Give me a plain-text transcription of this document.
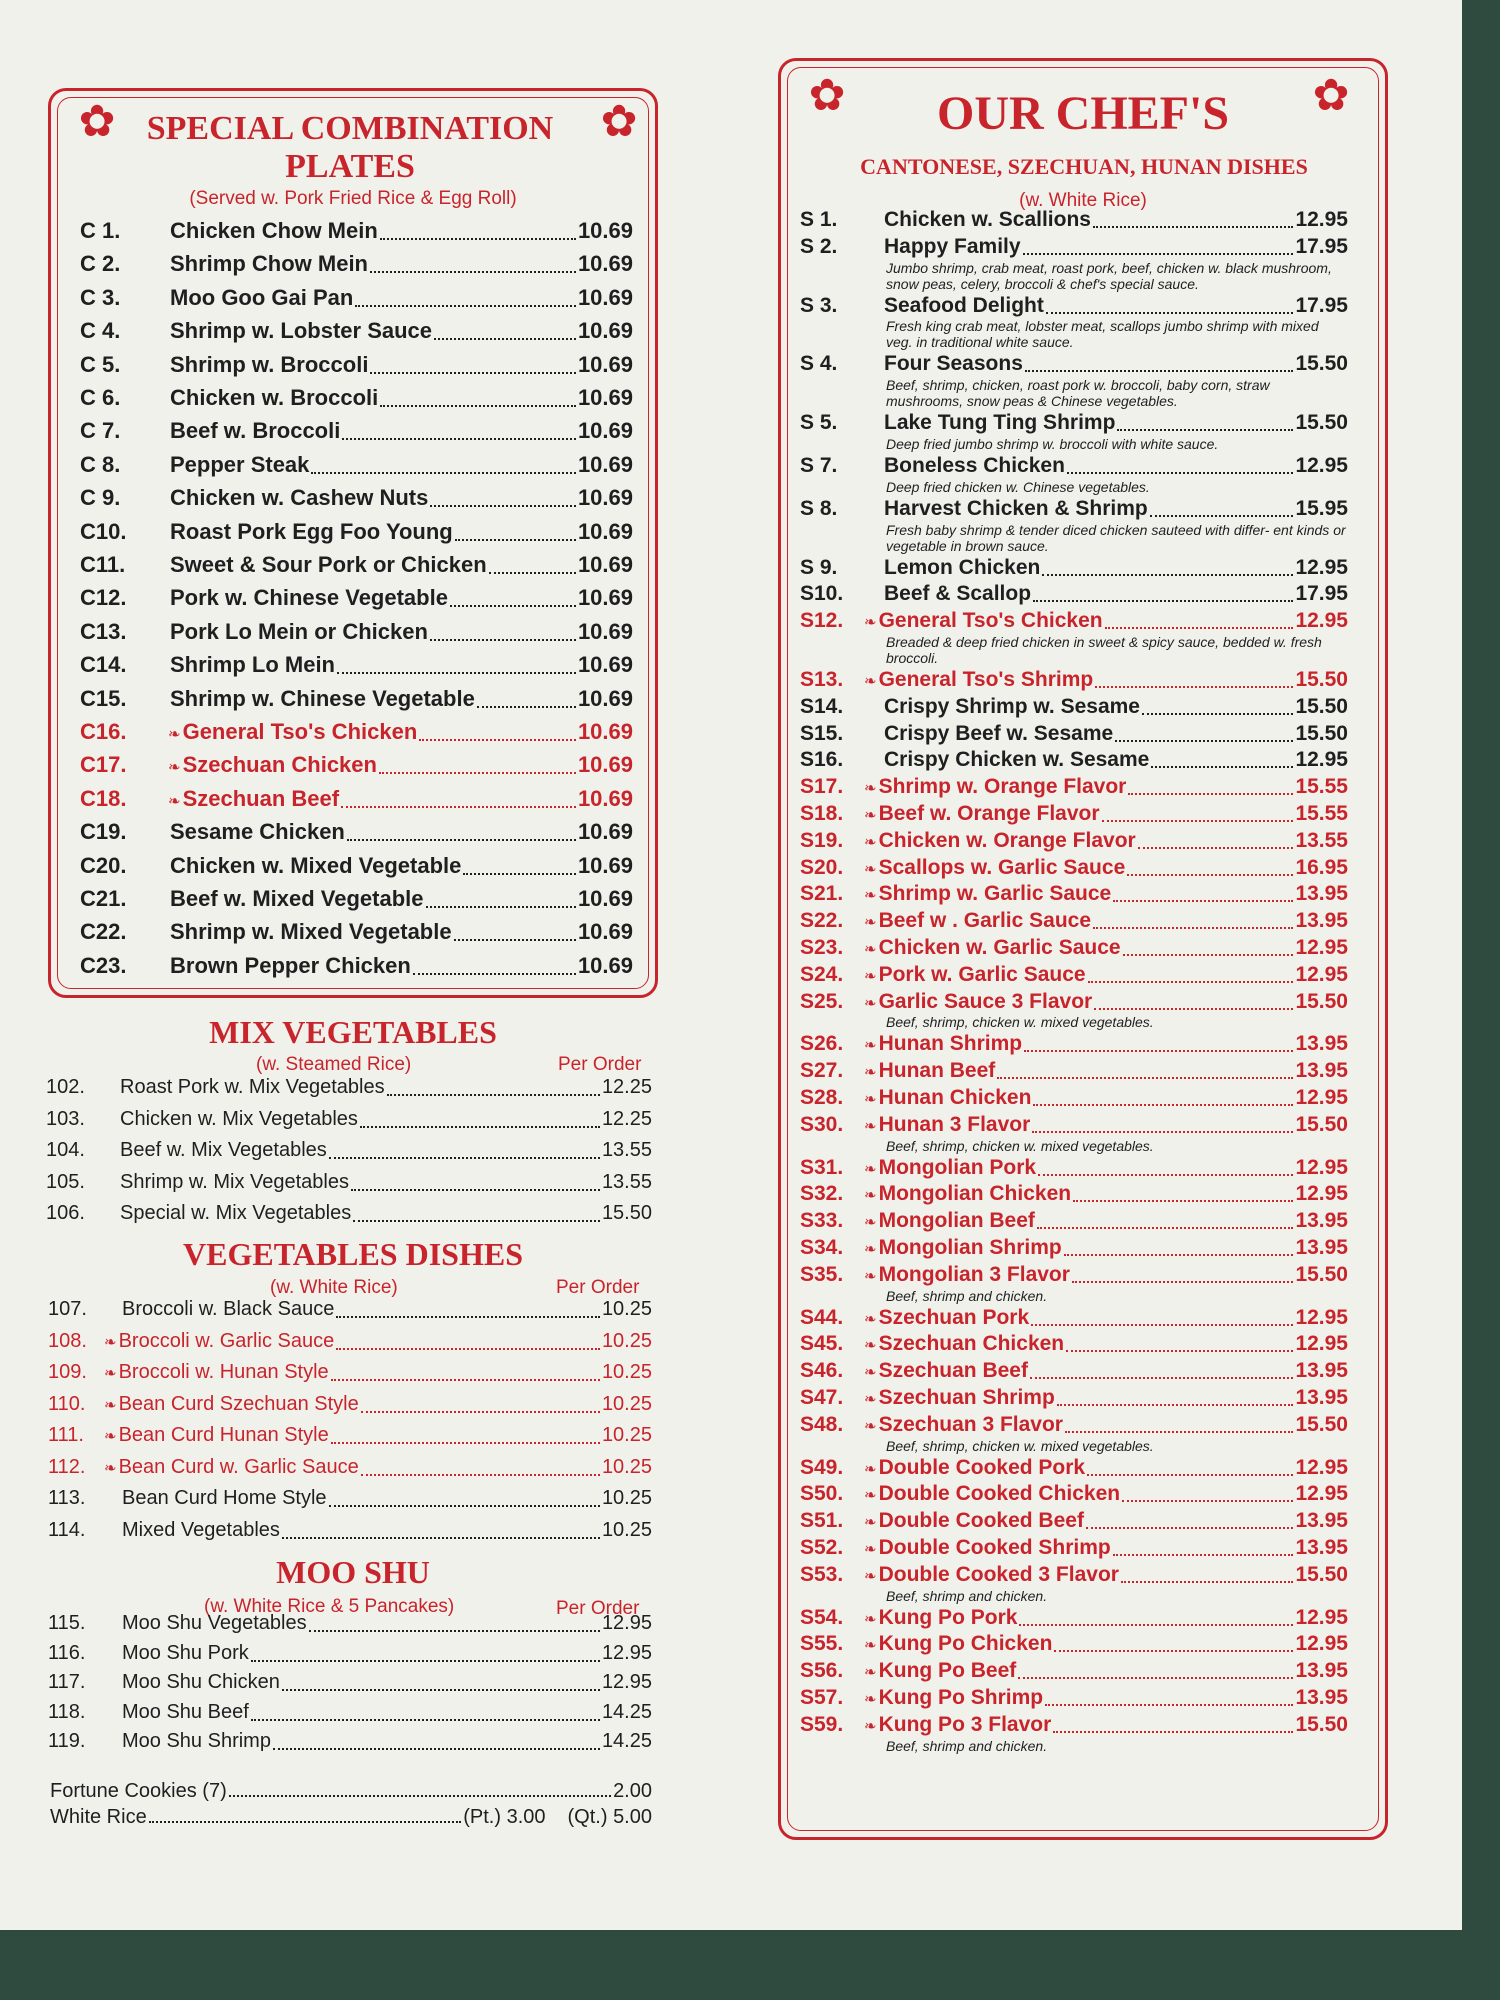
✿	✿
SPECIAL COMBINATION
PLATES
(Served w. Pork Fried Rice & Egg Roll)
C 1.	Chicken Chow Mein	10.69
C 2.	Shrimp Chow Mein	10.69
C 3.	Moo Goo Gai Pan	10.69
C 4.	Shrimp w. Lobster Sauce	10.69
C 5.	Shrimp w. Broccoli	10.69
C 6.	Chicken w. Broccoli	10.69
C 7.	Beef w. Broccoli	10.69
C 8.	Pepper Steak	10.69
C 9.	Chicken w. Cashew Nuts	10.69
C10.	Roast Pork Egg Foo Young	10.69
C11.	Sweet & Sour Pork or Chicken	10.69
C12.	Pork w. Chinese Vegetable	10.69
C13.	Pork Lo Mein or Chicken	10.69
C14.	Shrimp Lo Mein	10.69
C15.	Shrimp w. Chinese Vegetable	10.69
C16.	❧ General Tso's Chicken	10.69
C17.	❧ Szechuan Chicken	10.69
C18.	❧ Szechuan Beef	10.69
C19.	Sesame Chicken	10.69
C20.	Chicken w. Mixed Vegetable	10.69
C21.	Beef w. Mixed Vegetable	10.69
C22.	Shrimp w. Mixed Vegetable	10.69
C23.	Brown Pepper Chicken	10.69
MIX VEGETABLES
(w. Steamed Rice)	Per Order
102.	Roast Pork w. Mix Vegetables	12.25
103.	Chicken w. Mix Vegetables	12.25
104.	Beef w. Mix Vegetables	13.55
105.	Shrimp w. Mix Vegetables	13.55
106.	Special w. Mix Vegetables	15.50
VEGETABLES DISHES
(w. White Rice)	Per Order
107.	Broccoli w. Black Sauce	10.25
108.	❧ Broccoli w. Garlic Sauce	10.25
109.	❧ Broccoli w. Hunan Style	10.25
110.	❧ Bean Curd Szechuan Style	10.25
111.	❧ Bean Curd Hunan Style	10.25
112.	❧ Bean Curd w. Garlic Sauce	10.25
113.	Bean Curd Home Style	10.25
114.	Mixed Vegetables	10.25
MOO SHU
(w. White Rice & 5 Pancakes)	Per Order
115.	Moo Shu Vegetables	12.95
116.	Moo Shu Pork	12.95
117.	Moo Shu Chicken	12.95
118.	Moo Shu Beef	14.25
119.	Moo Shu Shrimp	14.25
Fortune Cookies (7)	2.00
White Rice	(Pt.) 3.00 (Qt.) 5.00
✿	✿
OUR CHEF'S
CANTONESE, SZECHUAN, HUNAN DISHES
(w. White Rice)
S 1.	Chicken w. Scallions	12.95
S 2.	Happy Family	17.95
Jumbo shrimp, crab meat, roast pork, beef, chicken w. black mushroom, snow peas, celery, broccoli & chef's special sauce.
S 3.	Seafood Delight	17.95
Fresh king crab meat, lobster meat, scallops jumbo shrimp with mixed veg. in traditional white sauce.
S 4.	Four Seasons	15.50
Beef, shrimp, chicken, roast pork w. broccoli, baby corn, straw mushrooms, snow peas & Chinese vegetables.
S 5.	Lake Tung Ting Shrimp	15.50
Deep fried jumbo shrimp w. broccoli with white sauce.
S 7.	Boneless Chicken	12.95
Deep fried chicken w. Chinese vegetables.
S 8.	Harvest Chicken & Shrimp	15.95
Fresh baby shrimp & tender diced chicken sauteed with differ- ent kinds or vegetable in brown sauce.
S 9.	Lemon Chicken	12.95
S10.	Beef & Scallop	17.95
S12.	❧ General Tso's Chicken	12.95
Breaded & deep fried chicken in sweet & spicy sauce, bedded w. fresh broccoli.
S13.	❧ General Tso's Shrimp	15.50
S14.	Crispy Shrimp w. Sesame	15.50
S15.	Crispy Beef w. Sesame	15.50
S16.	Crispy Chicken w. Sesame	12.95
S17.	❧ Shrimp w. Orange Flavor	15.55
S18.	❧ Beef w. Orange Flavor	15.55
S19.	❧ Chicken w. Orange Flavor	13.55
S20.	❧ Scallops w. Garlic Sauce	16.95
S21.	❧ Shrimp w. Garlic Sauce	13.95
S22.	❧ Beef w . Garlic Sauce	13.95
S23.	❧ Chicken w. Garlic Sauce	12.95
S24.	❧ Pork w. Garlic Sauce	12.95
S25.	❧ Garlic Sauce 3 Flavor	15.50
Beef, shrimp, chicken w. mixed vegetables.
S26.	❧ Hunan Shrimp	13.95
S27.	❧ Hunan Beef	13.95
S28.	❧ Hunan Chicken	12.95
S30.	❧ Hunan 3 Flavor	15.50
Beef, shrimp, chicken w. mixed vegetables.
S31.	❧ Mongolian Pork	12.95
S32.	❧ Mongolian Chicken	12.95
S33.	❧ Mongolian Beef	13.95
S34.	❧ Mongolian Shrimp	13.95
S35.	❧ Mongolian 3 Flavor	15.50
Beef, shrimp and chicken.
S44.	❧ Szechuan Pork	12.95
S45.	❧ Szechuan Chicken	12.95
S46.	❧ Szechuan Beef	13.95
S47.	❧ Szechuan Shrimp	13.95
S48.	❧ Szechuan 3 Flavor	15.50
Beef, shrimp, chicken w. mixed vegetables.
S49.	❧ Double Cooked Pork	12.95
S50.	❧ Double Cooked Chicken	12.95
S51.	❧ Double Cooked Beef	13.95
S52.	❧ Double Cooked Shrimp	13.95
S53.	❧ Double Cooked 3 Flavor	15.50
Beef, shrimp and chicken.
S54.	❧ Kung Po Pork	12.95
S55.	❧ Kung Po Chicken	12.95
S56.	❧ Kung Po Beef	13.95
S57.	❧ Kung Po Shrimp	13.95
S59.	❧ Kung Po 3 Flavor	15.50
Beef, shrimp and chicken.
